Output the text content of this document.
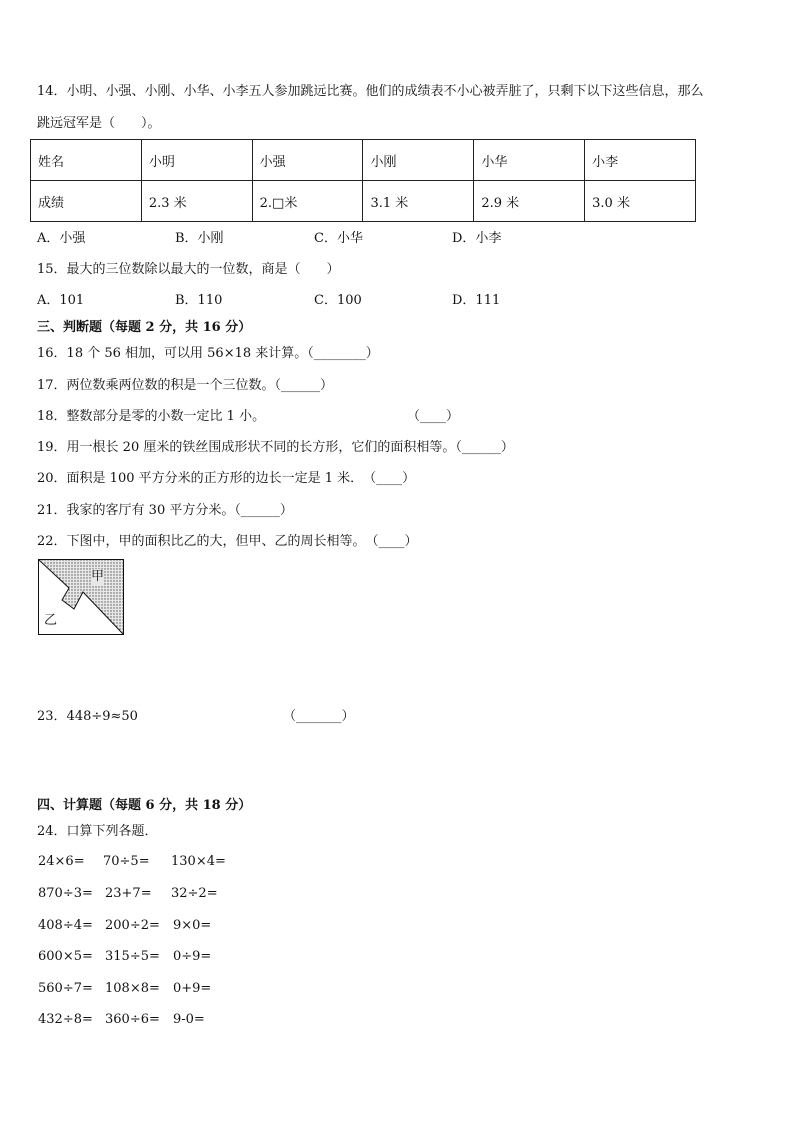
14．小明、小强、小刚、小华、小李五人参加跳远比赛。他们的成绩表不小心被弄脏了，只剩下以下这些信息，那么
跳远冠军是（　　）。
姓名	小明	小强	小刚	小华	小李
成绩	2.3 米	2.□米	3.1 米	2.9 米	3.0 米
A．小强	B．小刚	C．小华	D．小李
15．最大的三位数除以最大的一位数，商是（　　）
A．101	B．110	C．100	D．111
三、判断题（每题 2 分，共 16 分）
16．18 个 56 相加，可以用 56×18 来计算。（________）
17．两位数乘两位数的积是一个三位数。（______）
18．整数部分是零的小数一定比 1 小。	（____）
19．用一根长 20 厘米的铁丝围成形状不同的长方形，它们的面积相等。（______）
20．面积是 100 平方分米的正方形的边长一定是 1 米．　（____）
21．我家的客厅有 30 平方分米。（______）
22．下图中，甲的面积比乙的大，但甲、乙的周长相等。　（____）
甲
乙
23．448÷9≈50	（_______）
四、计算题（每题 6 分，共 18 分）
24．口算下列各题．
24×6= 70÷5= 130×4=
870÷3= 23+7= 32÷2=
408÷4= 200÷2= 9×0=
600×5= 315÷5= 0÷9=
560÷7= 108×8= 0+9=
432÷8= 360÷6= 9-0=
